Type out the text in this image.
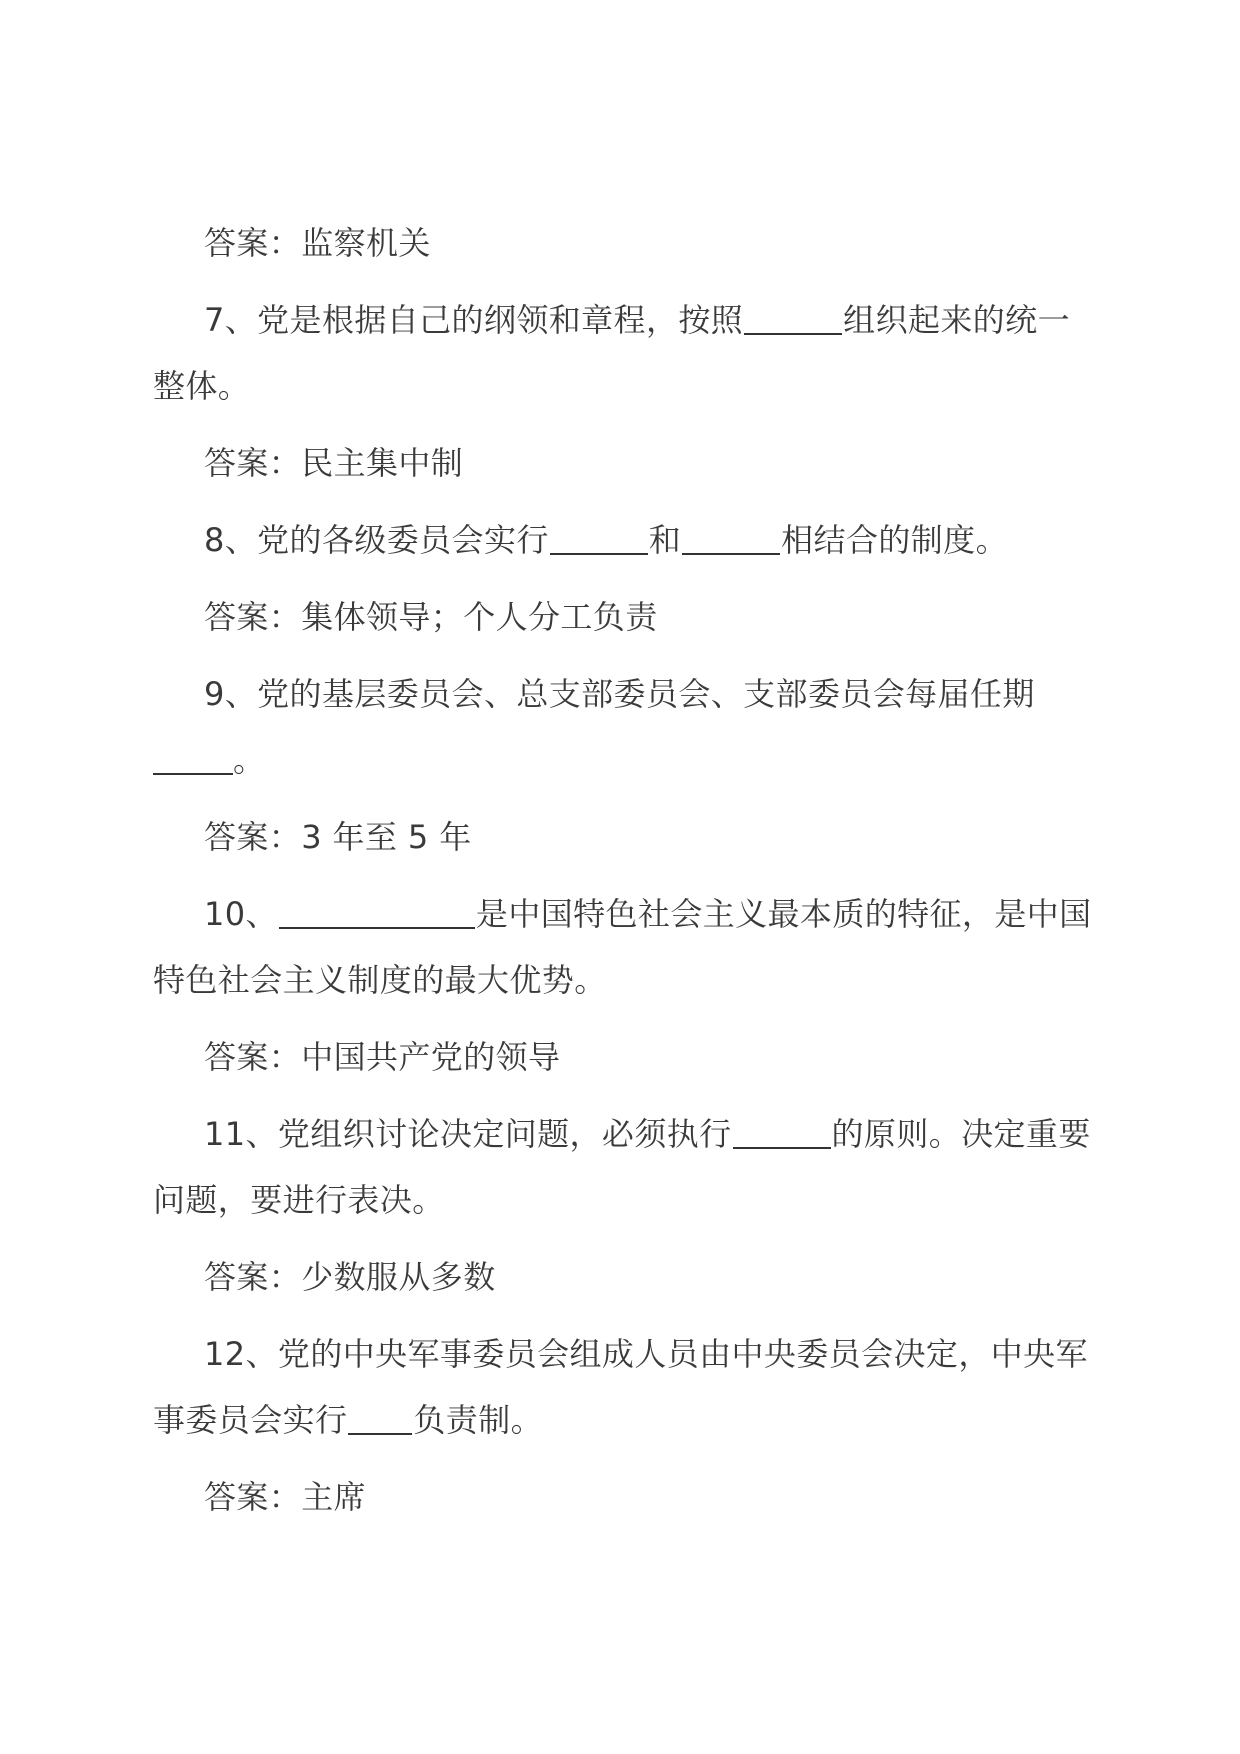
答案：监察机关

7、党是根据自己的纲领和章程，按照	组织起来的统一整体。

答案：民主集中制

8、党的各级委员会实行	和	相结合的制度。

答案：集体领导；个人分工负责

9、党的基层委员会、总支部委员会、支部委员会每届任期。

答案：3 年至 5 年

10、	是中国特色社会主义最本质的特征，是中国特色社会主义制度的最大优势。

答案：中国共产党的领导

11、党组织讨论决定问题，必须执行	的原则。决定重要问题，要进行表决。

答案：少数服从多数

12、党的中央军事委员会组成人员由中央委员会决定，中央军事委员会实行 负责制。

答案：主席
